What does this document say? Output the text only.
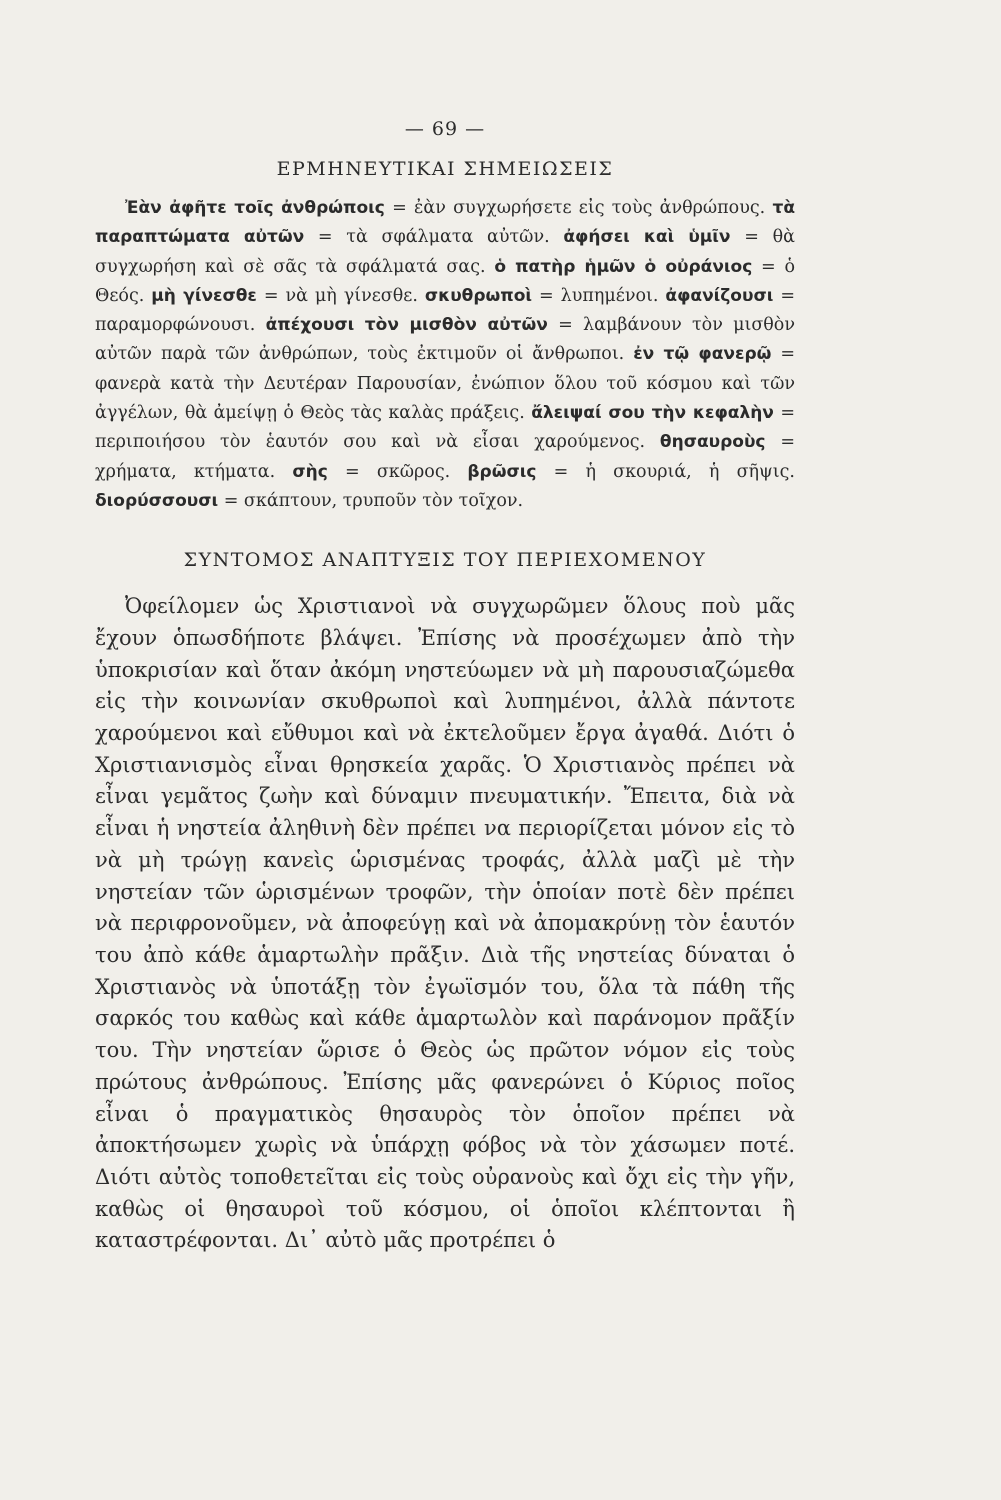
— 69 —
ΕΡΜΗΝΕΥΤΙΚΑΙ ΣΗΜΕΙΩΣΕΙΣ

Ἐὰν ἀφῆτε τοῖς ἀνθρώποις = ἐὰν συγχωρήσετε εἰς τοὺς ἀνθρώπους. τὰ παραπτώματα αὐτῶν = τὰ σφάλματα αὐτῶν. ἀφήσει καὶ ὑμῖν = θὰ συγχωρήση καὶ σὲ σᾶς τὰ σφάλματά σας. ὁ πατὴρ ἡμῶν ὁ οὐράνιος = ὁ Θεός. μὴ γίνεσθε = νὰ μὴ γίνεσθε. σκυθρωποὶ = λυπημένοι. ἀφανίζουσι = παραμορφώνουσι. ἀπέχουσι τὸν μισθὸν αὐτῶν = λαμβάνουν τὸν μισθὸν αὐτῶν παρὰ τῶν ἀνθρώπων, τοὺς ἐκτιμοῦν οἱ ἄνθρωποι. ἐν τῷ φανερῷ = φανερὰ κατὰ τὴν Δευτέραν Παρουσίαν, ἐνώπιον ὅλου τοῦ κόσμου καὶ τῶν ἀγγέλων, θὰ ἀμείψῃ ὁ Θεὸς τὰς καλὰς πράξεις. ἄλειψαί σου τὴν κεφαλὴν = περιποιήσου τὸν ἑαυτόν σου καὶ νὰ εἶσαι χαρούμενος. θησαυροὺς = χρήματα, κτήματα. σὴς = σκῶρος. βρῶσις = ἡ σκουριά, ἡ σῆψις. διορύσσουσι = σκάπτουν, τρυποῦν τὸν τοῖχον.

ΣΥΝΤΟΜΟΣ ΑΝΑΠΤΥΞΙΣ ΤΟΥ ΠΕΡΙΕΧΟΜΕΝΟΥ

Ὀφείλομεν ὡς Χριστιανοὶ νὰ συγχωρῶμεν ὅλους ποὺ μᾶς ἔχουν ὁπωσδήποτε βλάψει. Ἐπίσης νὰ προσέχωμεν ἀπὸ τὴν ὑποκρισίαν καὶ ὅταν ἀκόμη νηστεύωμεν νὰ μὴ παρουσιαζώμεθα εἰς τὴν κοινωνίαν σκυθρωποὶ καὶ λυπημένοι, ἀλλὰ πάντοτε χαρούμενοι καὶ εὔθυμοι καὶ νὰ ἐκτελοῦμεν ἔργα ἀγαθά. Διότι ὁ Χριστιανισμὸς εἶναι θρησκεία χαρᾶς. Ὁ Χριστιανὸς πρέπει νὰ εἶναι γεμᾶτος ζωὴν καὶ δύναμιν πνευματικήν. Ἔπειτα, διὰ νὰ εἶναι ἡ νηστεία ἀληθινὴ δὲν πρέπει να περιορίζεται μόνον εἰς τὸ νὰ μὴ τρώγῃ κανεὶς ὡρισμένας τροφάς, ἀλλὰ μαζὶ μὲ τὴν νηστείαν τῶν ὡρισμένων τροφῶν, τὴν ὁποίαν ποτὲ δὲν πρέπει νὰ περιφρονοῦμεν, νὰ ἀποφεύγῃ καὶ νὰ ἀπομακρύνῃ τὸν ἑαυτόν του ἀπὸ κάθε ἁμαρτωλὴν πρᾶξιν. Διὰ τῆς νηστείας δύναται ὁ Χριστιανὸς νὰ ὑποτάξῃ τὸν ἐγωϊσμόν του, ὅλα τὰ πάθη τῆς σαρκός του καθὼς καὶ κάθε ἁμαρτωλὸν καὶ παράνομον πρᾶξίν του. Τὴν νηστείαν ὥρισε ὁ Θεὸς ὡς πρῶτον νόμον εἰς τοὺς πρώτους ἀνθρώπους. Ἐπίσης μᾶς φανερώνει ὁ Κύριος ποῖος εἶναι ὁ πραγματικὸς θησαυρὸς τὸν ὁποῖον πρέπει νὰ ἀποκτήσωμεν χωρὶς νὰ ὑπάρχῃ φόβος νὰ τὸν χάσωμεν ποτέ. Διότι αὐτὸς τοποθετεῖται εἰς τοὺς οὐρανοὺς καὶ ὄχι εἰς τὴν γῆν, καθὼς οἱ θησαυροὶ τοῦ κόσμου, οἱ ὁποῖοι κλέπτονται ἢ καταστρέφονται. Δι᾽ αὐτὸ μᾶς προτρέπει ὁ
